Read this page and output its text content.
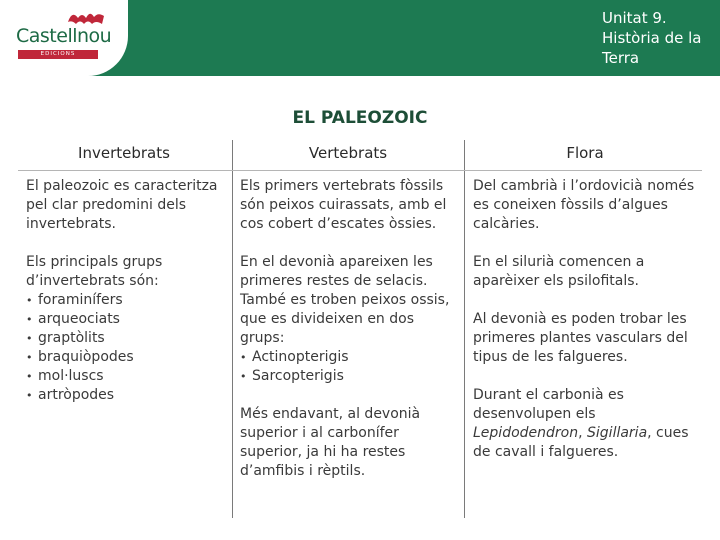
Castellnou
EDICIONS
Unitat 9. Història de la Terra
EL PALEOZOIC
Invertebrats	Vertebrats	Flora

El paleozoic es caracteritza pel clar predomini dels invertebrats.

Els principals grups d’invertebrats són:

• foraminífers
• arqueociats
• graptòlits
• braquiòpodes
• mol·luscs
• artròpodes

Els primers vertebrats fòssils són peixos cuirassats, amb el cos cobert d’escates òssies.

En el devonià apareixen les primeres restes de selacis. També es troben peixos ossis, que es divideixen en dos grups:

• Actinopterigis
• Sarcopterigis

Més endavant, al devonià superior i al carbonífer superior, ja hi ha restes d’amfibis i rèptils.

Del cambrià i l’ordovicià només es coneixen fòssils d’algues calcàries.

En el silurià comencen a aparèixer els psilofitals.

Al devonià es poden trobar les primeres plantes vasculars del tipus de les falgueres.

Durant el carbonià es desenvolupen els Lepidodendron, Sigillaria, cues de cavall i falgueres.
